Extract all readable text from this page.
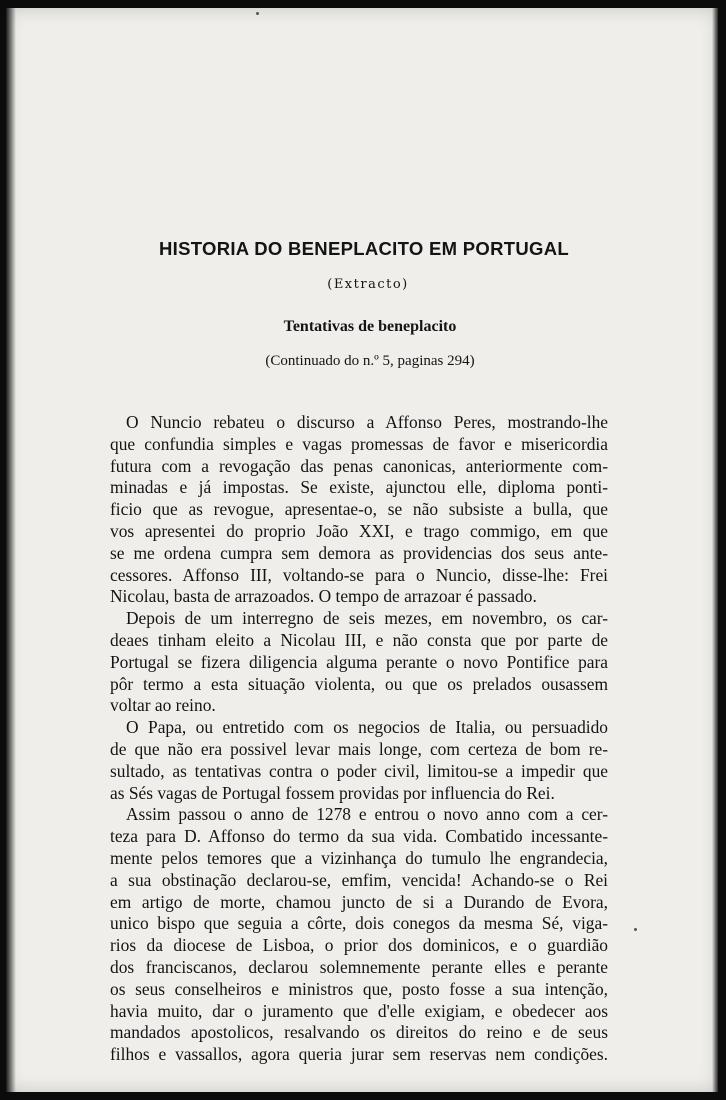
HISTORIA DO BENEPLACITO EM PORTUGAL
(Extracto)
Tentativas de beneplacito
(Continuado do n.º 5, paginas 294)

O Nuncio rebateu o discurso a Affonso Peres, mostrando-lhe

que confundia simples e vagas promessas de favor e misericordia

futura com a revogação das penas canonicas, anteriormente com-

minadas e já impostas. Se existe, ajunctou elle, diploma ponti-

ficio que as revogue, apresentae-o, se não subsiste a bulla, que

vos apresentei do proprio João XXI, e trago commigo, em que

se me ordena cumpra sem demora as providencias dos seus ante-

cessores. Affonso III, voltando-se para o Nuncio, disse-lhe: Frei

Nicolau, basta de arrazoados. O tempo de arrazoar é passado.

Depois de um interregno de seis mezes, em novembro, os car-

deaes tinham eleito a Nicolau III, e não consta que por parte de

Portugal se fizera diligencia alguma perante o novo Pontifice para

pôr termo a esta situação violenta, ou que os prelados ousassem

voltar ao reino.

O Papa, ou entretido com os negocios de Italia, ou persuadido

de que não era possivel levar mais longe, com certeza de bom re-

sultado, as tentativas contra o poder civil, limitou-se a impedir que

as Sés vagas de Portugal fossem providas por influencia do Rei.

Assim passou o anno de 1278 e entrou o novo anno com a cer-

teza para D. Affonso do termo da sua vida. Combatido incessante-

mente pelos temores que a vizinhança do tumulo lhe engrandecia,

a sua obstinação declarou-se, emfim, vencida! Achando-se o Rei

em artigo de morte, chamou juncto de si a Durando de Evora,

unico bispo que seguia a côrte, dois conegos da mesma Sé, viga-

rios da diocese de Lisboa, o prior dos dominicos, e o guardião

dos franciscanos, declarou solemnemente perante elles e perante

os seus conselheiros e ministros que, posto fosse a sua intenção,

havia muito, dar o juramento que d'elle exigiam, e obedecer aos

mandados apostolicos, resalvando os direitos do reino e de seus

filhos e vassallos, agora queria jurar sem reservas nem condições.
